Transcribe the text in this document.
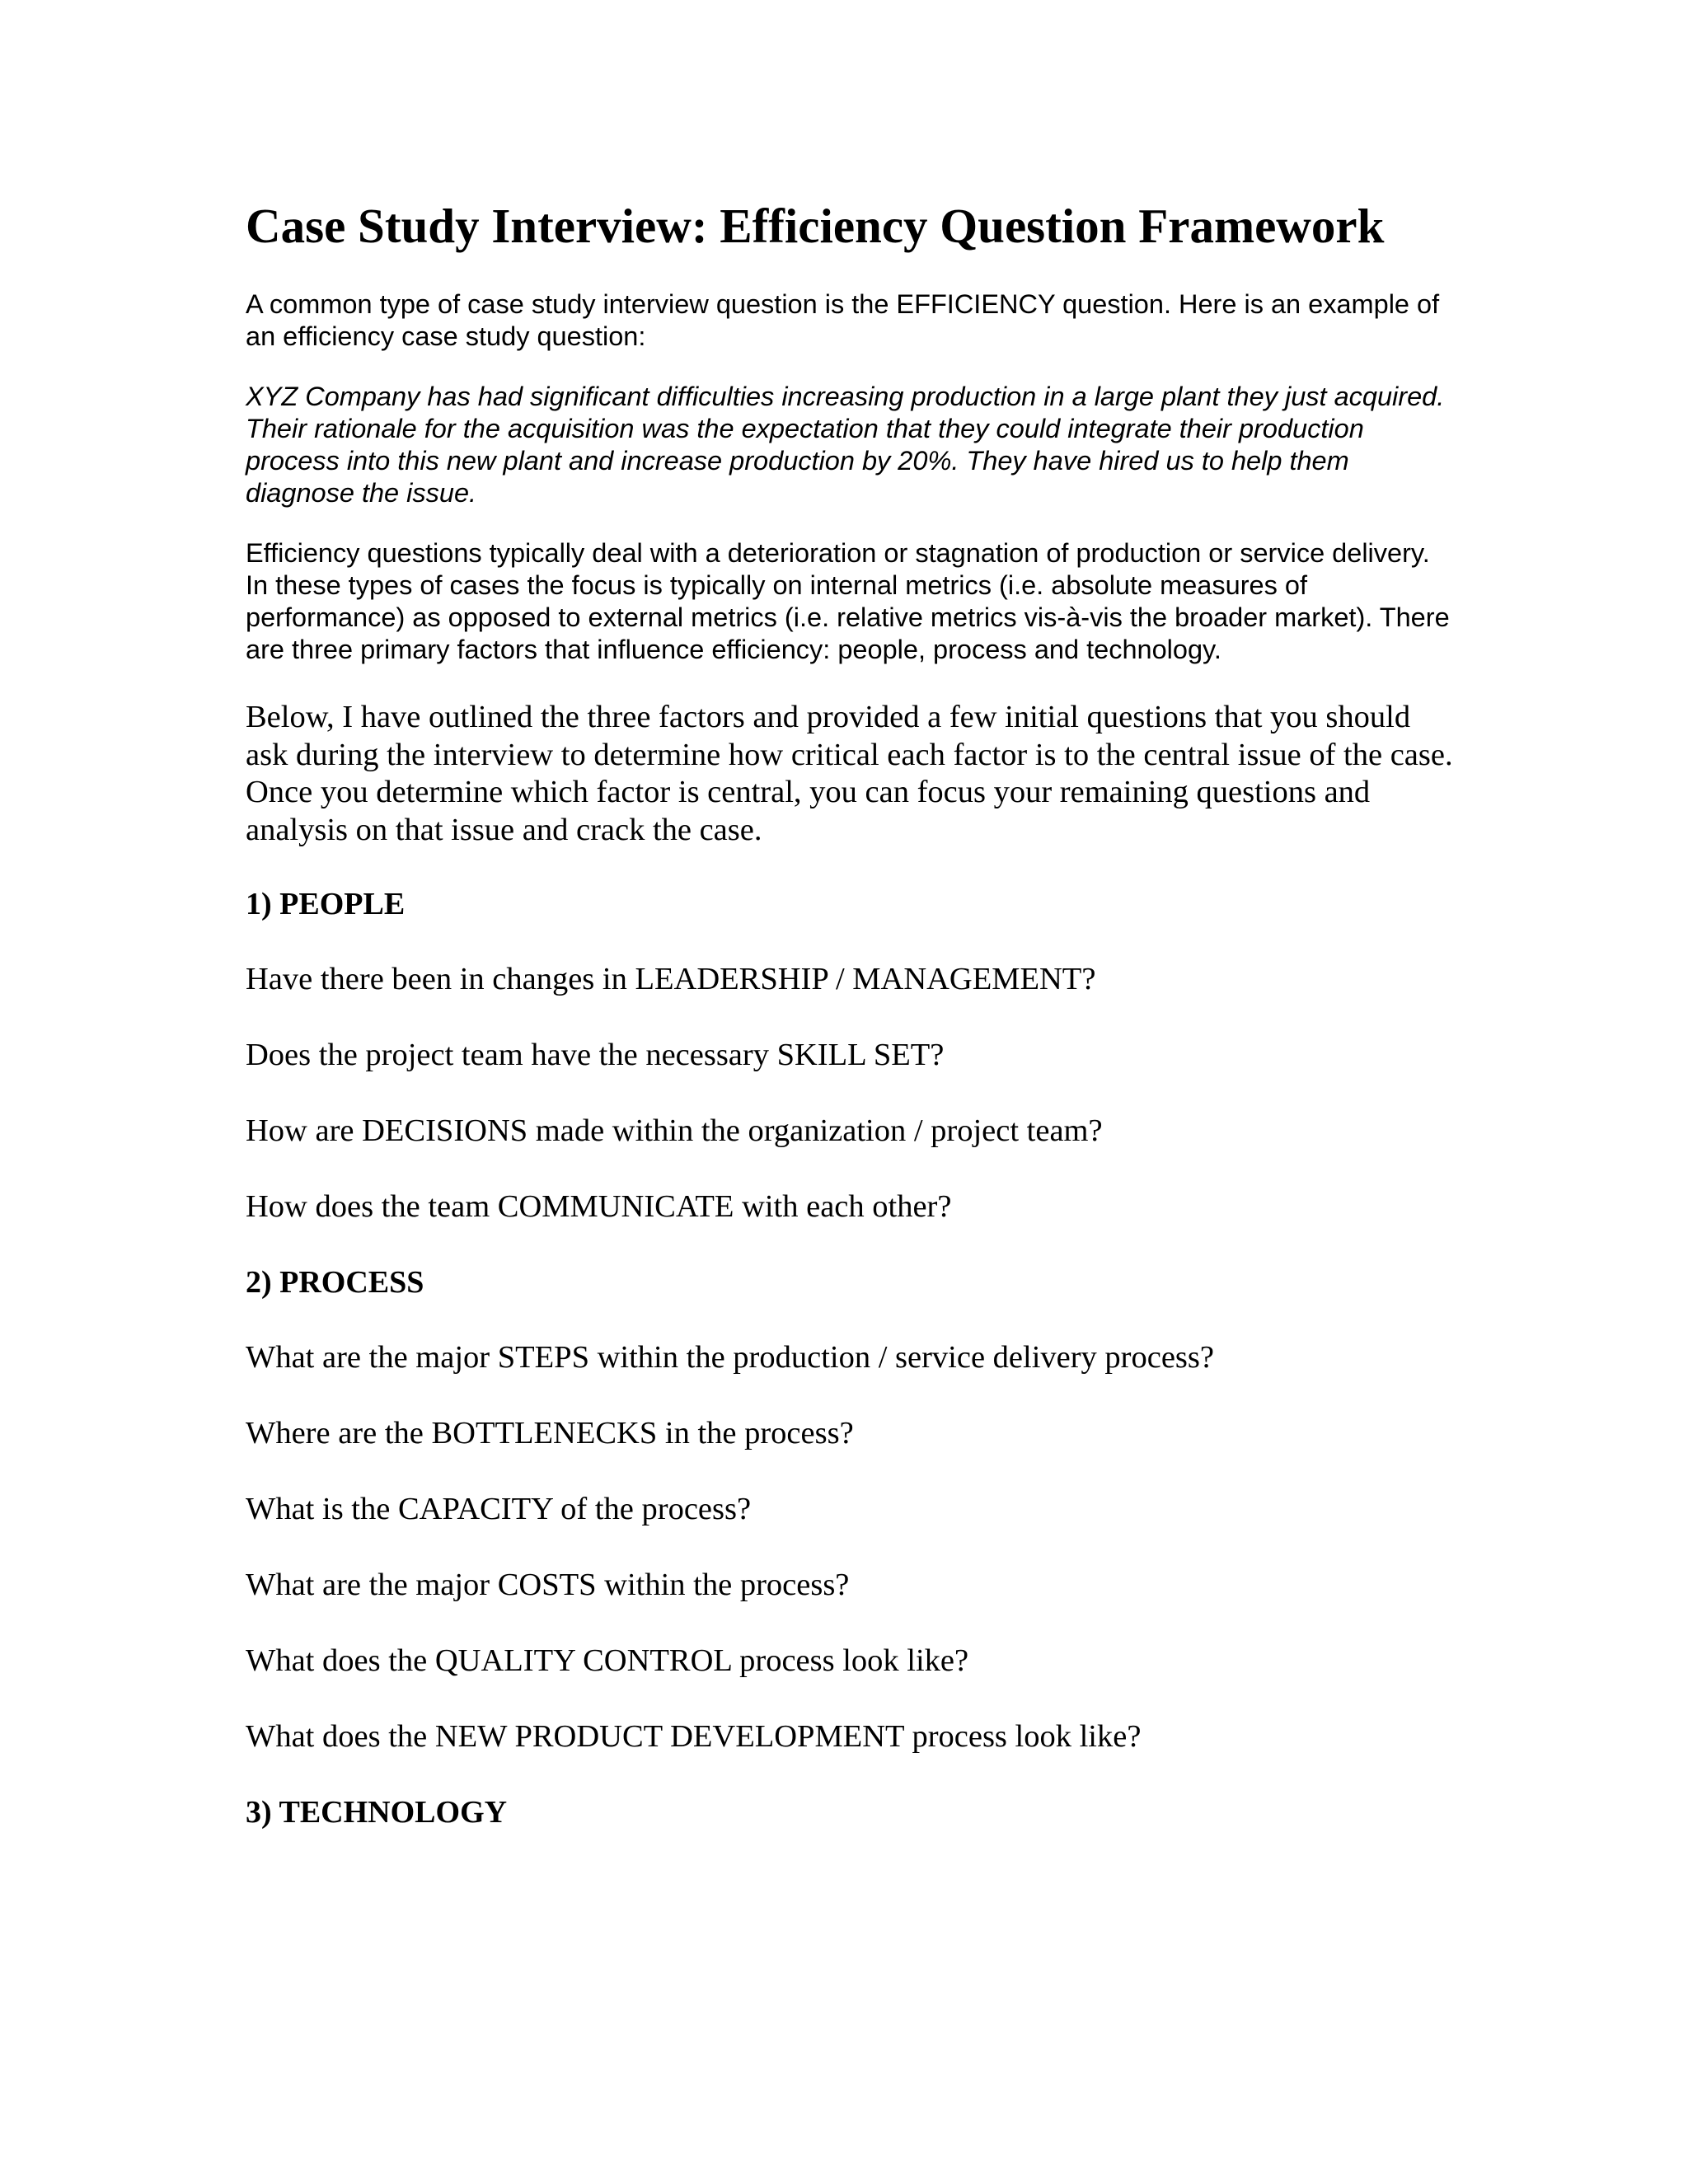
Case Study Interview: Efficiency Question Framework

A common type of case study interview question is the EFFICIENCY question. Here is an example of an efficiency case study question:

XYZ Company has had significant difficulties increasing production in a large plant they just acquired. Their rationale for the acquisition was the expectation that they could integrate their production process into this new plant and increase production by 20%. They have hired us to help them diagnose the issue.

Efficiency questions typically deal with a deterioration or stagnation of production or service delivery. In these types of cases the focus is typically on internal metrics (i.e. absolute measures of performance) as opposed to external metrics (i.e. relative metrics vis-à-vis the broader market). There are three primary factors that influence efficiency: people, process and technology.

Below, I have outlined the three factors and provided a few initial questions that you should ask during the interview to determine how critical each factor is to the central issue of the case. Once you determine which factor is central, you can focus your remaining questions and analysis on that issue and crack the case.

1) PEOPLE

Have there been in changes in LEADERSHIP / MANAGEMENT?

Does the project team have the necessary SKILL SET?

How are DECISIONS made within the organization / project team?

How does the team COMMUNICATE with each other?

2) PROCESS

What are the major STEPS within the production / service delivery process?

Where are the BOTTLENECKS in the process?

What is the CAPACITY of the process?

What are the major COSTS within the process?

What does the QUALITY CONTROL process look like?

What does the NEW PRODUCT DEVELOPMENT process look like?

3) TECHNOLOGY
